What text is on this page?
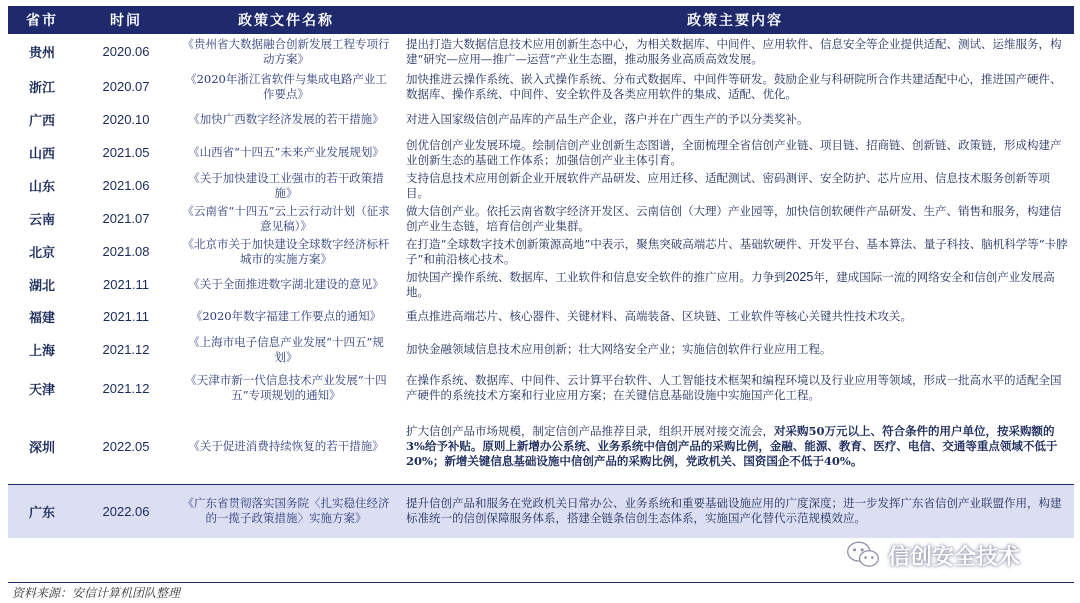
省市	时间	政策文件名称	政策主要内容
贵州	2020.06	《贵州省大数据融合创新发展工程专项行动方案》	提出打造大数据信息技术应用创新生态中心，为相关数据库、中间件、应用软件、信息安全等企业提供适配、测试、运维服务，构建“研究—应用—推广—运营”产业生态圈，推动服务业高质高效发展。
浙江	2020.07	《2020年浙江省软件与集成电路产业工作要点》	加快推进云操作系统、嵌入式操作系统、分布式数据库、中间件等研发。鼓励企业与科研院所合作共建适配中心，推进国产硬件、数据库、操作系统、中间件、安全软件及各类应用软件的集成、适配、优化。
广西	2020.10	《加快广西数字经济发展的若干措施》	对进入国家级信创产品库的产品生产企业，落户并在广西生产的予以分类奖补。
山西	2021.05	《山西省“十四五”未来产业发展规划》	创优信创产业发展环境。绘制信创产业创新生态图谱，全面梳理全省信创产业链、项目链、招商链、创新链、政策链，形成构建产业创新生态的基础工作体系；加强信创产业主体引育。
山东	2021.06	《关于加快建设工业强市的若干政策措施》	支持信息技术应用创新企业开展软件产品研发、应用迁移、适配测试、密码测评、安全防护、芯片应用、信息技术服务创新等项目。
云南	2021.07	《云南省“十四五”云上云行动计划（征求意见稿）》	做大信创产业。依托云南省数字经济开发区、云南信创（大理）产业园等，加快信创软硬件产品研发、生产、销售和服务，构建信创产业生态链，培育信创产业集群。
北京	2021.08	《北京市关于加快建设全球数字经济标杆城市的实施方案》	在打造“全球数字技术创新策源高地”中表示，聚焦突破高端芯片、基础软硬件、开发平台、基本算法、量子科技、脑机科学等“卡脖子”和前沿核心技术。
湖北	2021.11	《关于全面推进数字湖北建设的意见》	加快国产操作系统、数据库、工业软件和信息安全软件的推广应用。力争到2025年，建成国际一流的网络安全和信创产业发展高地。
福建	2021.11	《2020年数字福建工作要点的通知》	重点推进高端芯片、核心器件、关键材料、高端装备、区块链、工业软件等核心关键共性技术攻关。
上海	2021.12	《上海市电子信息产业发展“十四五”规划》	加快金融领域信息技术应用创新；壮大网络安全产业；实施信创软件行业应用工程。
天津	2021.12	《天津市新一代信息技术产业发展“十四五”专项规划的通知》	在操作系统、数据库、中间件、云计算平台软件、人工智能技术框架和编程环境以及行业应用等领域，形成一批高水平的适配全国产硬件的系统技术方案和行业应用方案；在关键信息基础设施中实施国产化工程。
深圳	2022.05	《关于促进消费持续恢复的若干措施》	扩大信创产品市场规模，制定信创产品推荐目录，组织开展对接交流会，对采购50万元以上、符合条件的用户单位，按采购额的3%给予补贴。原则上新增办公系统、业务系统中信创产品的采购比例，金融、能源、教育、医疗、电信、交通等重点领域不低于20%；新增关键信息基础设施中信创产品的采购比例，党政机关、国资国企不低于40%。
广东	2022.06	《广东省贯彻落实国务院〈扎实稳住经济的一揽子政策措施〉实施方案》	提升信创产品和服务在党政机关日常办公、业务系统和重要基础设施应用的广度深度；进一步发挥广东省信创产业联盟作用，构建标准统一的信创保障服务体系，搭建全链条信创生态体系，实施国产化替代示范规模效应。
资料来源：安信计算机团队整理
信创安全技术
